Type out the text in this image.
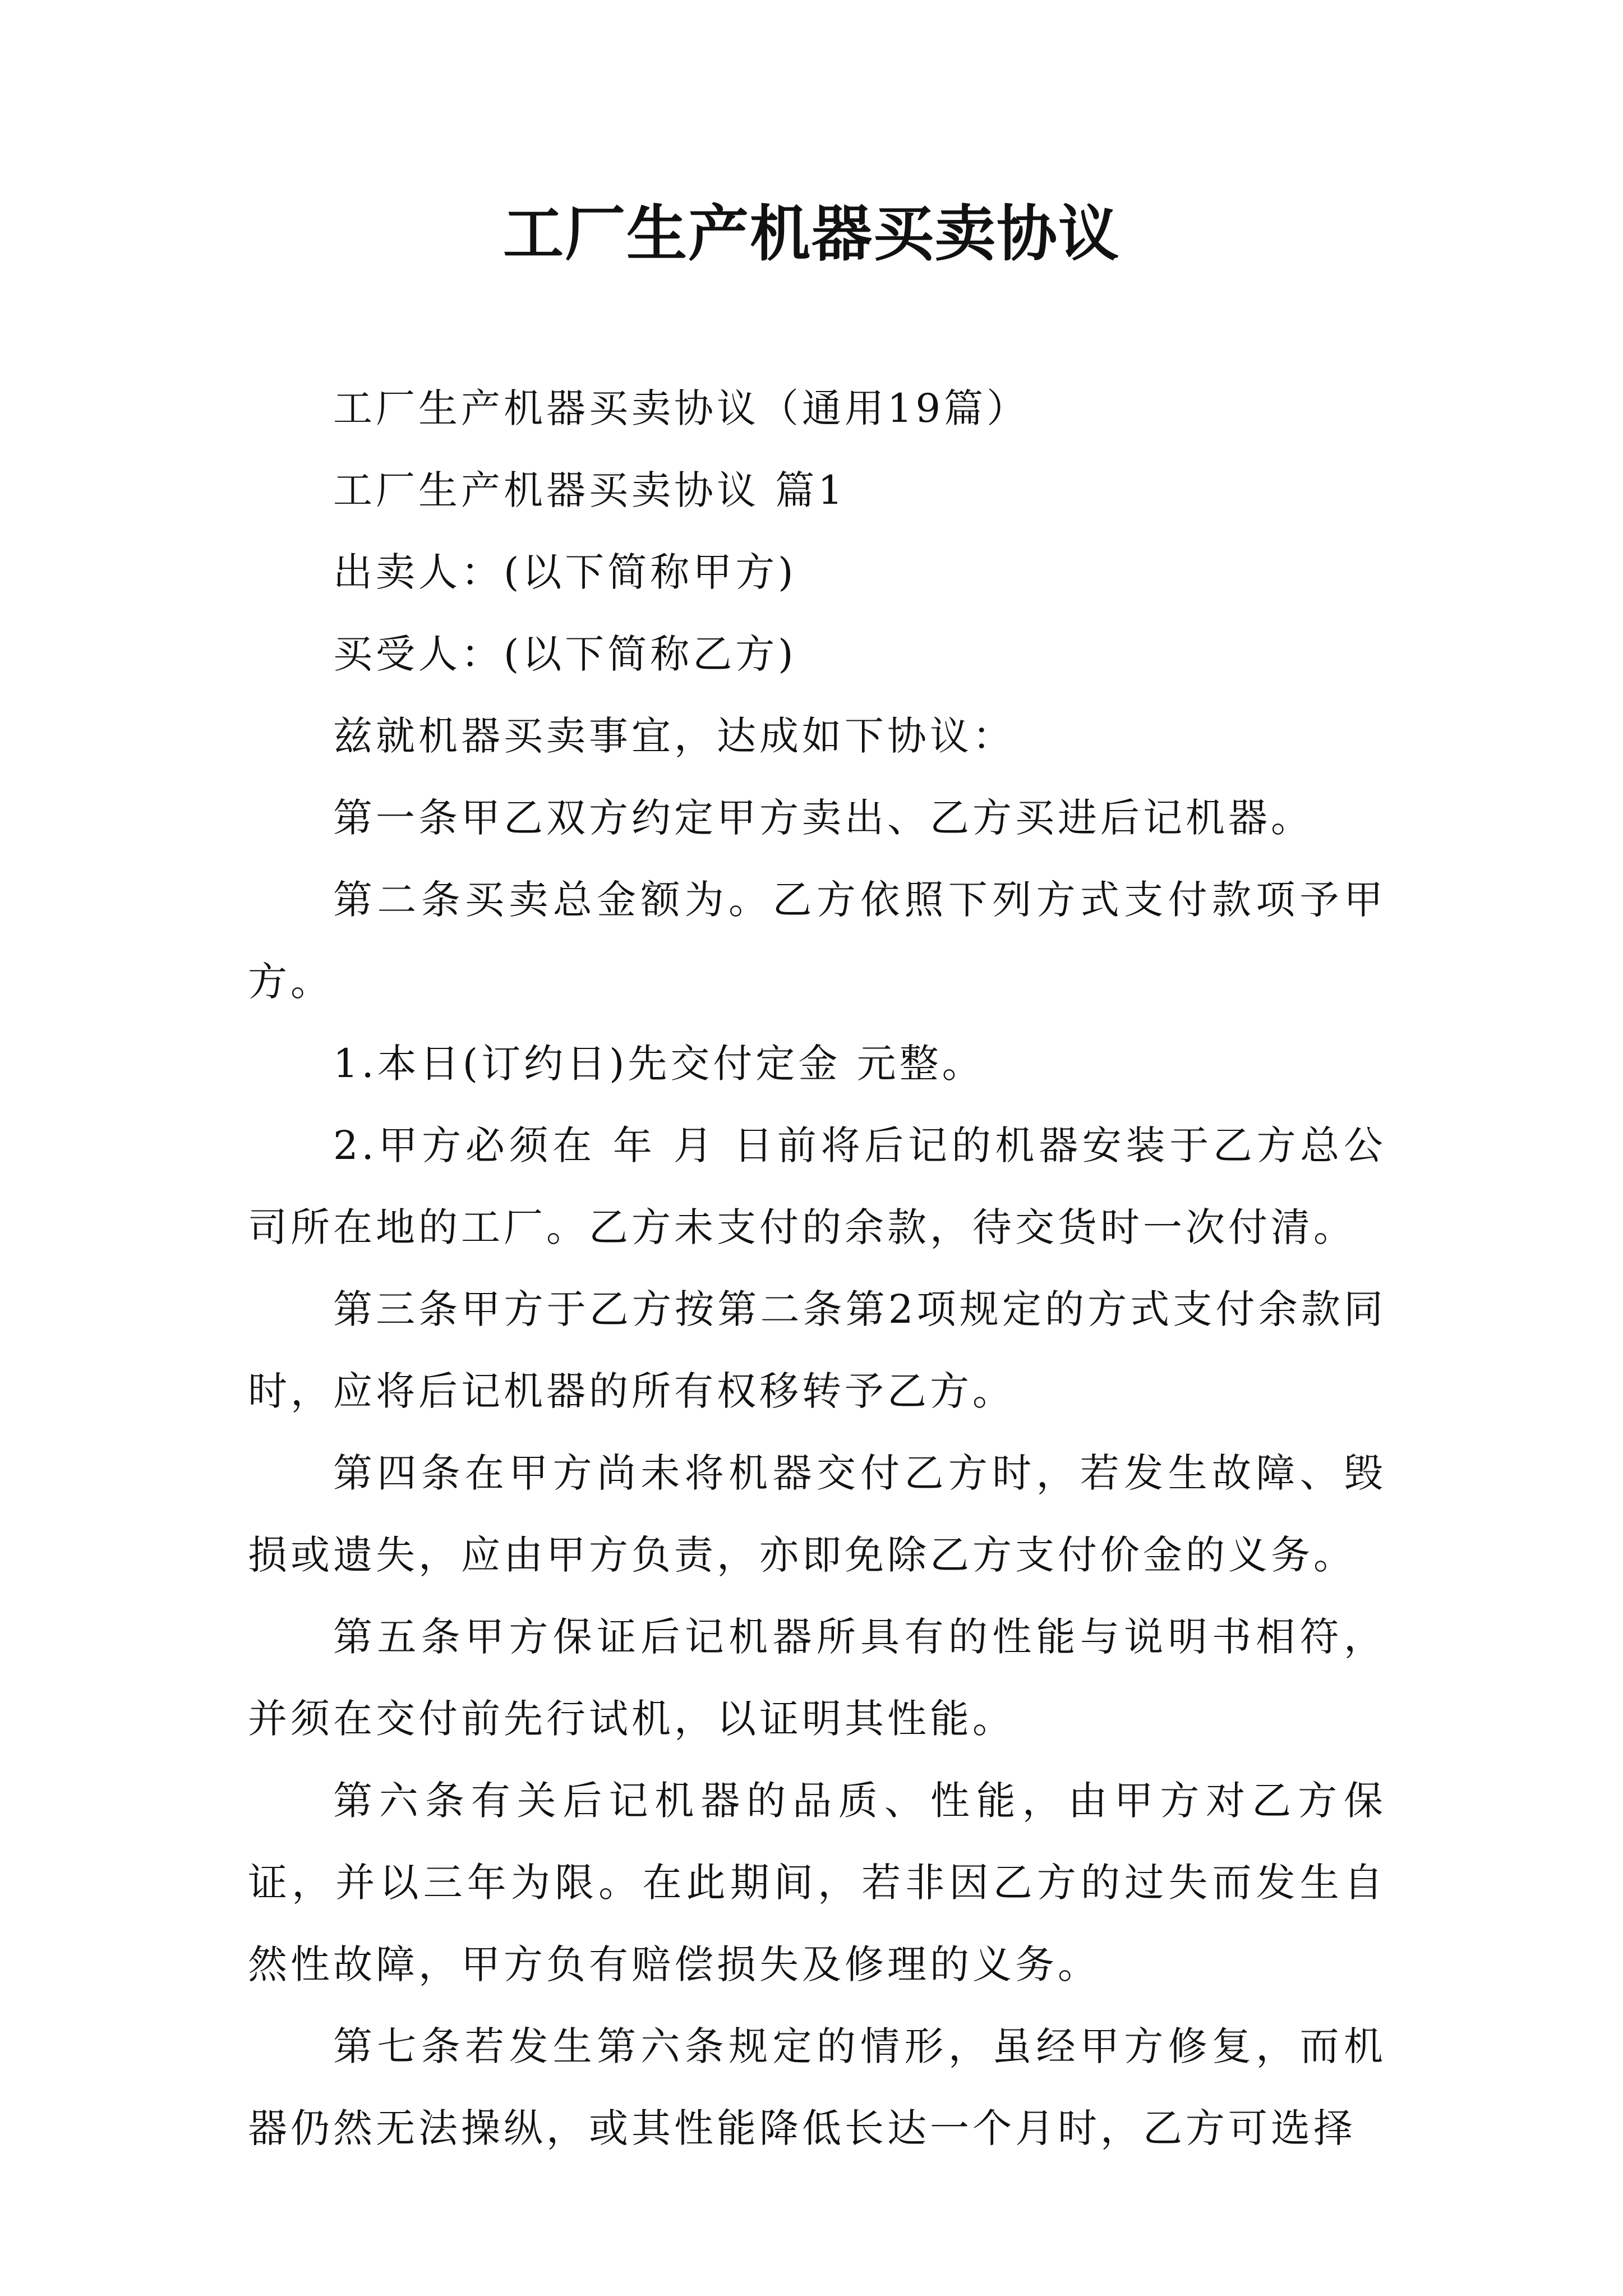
工厂生产机器买卖协议

工厂生产机器买卖协议（通用19篇）

工厂生产机器买卖协议 篇1

出卖人：(以下简称甲方)

买受人：(以下简称乙方)

兹就机器买卖事宜，达成如下协议：

第一条甲乙双方约定甲方卖出、乙方买进后记机器。

第二条买卖总金额为。乙方依照下列方式支付款项予甲方。

1.本日(订约日)先交付定金 元整。

2.甲方必须在 年 月 日前将后记的机器安装于乙方总公司所在地的工厂。乙方未支付的余款，待交货时一次付清。

第三条甲方于乙方按第二条第2项规定的方式支付余款同时，应将后记机器的所有权移转予乙方。

第四条在甲方尚未将机器交付乙方时，若发生故障、毁损或遗失，应由甲方负责，亦即免除乙方支付价金的义务。

第五条甲方保证后记机器所具有的性能与说明书相符，并须在交付前先行试机，以证明其性能。

第六条有关后记机器的品质、性能，由甲方对乙方保证，并以三年为限。在此期间，若非因乙方的过失而发生自然性故障，甲方负有赔偿损失及修理的义务。

第七条若发生第六条规定的情形，虽经甲方修复，而机器仍然无法操纵，或其性能降低长达一个月时，乙方可选择
